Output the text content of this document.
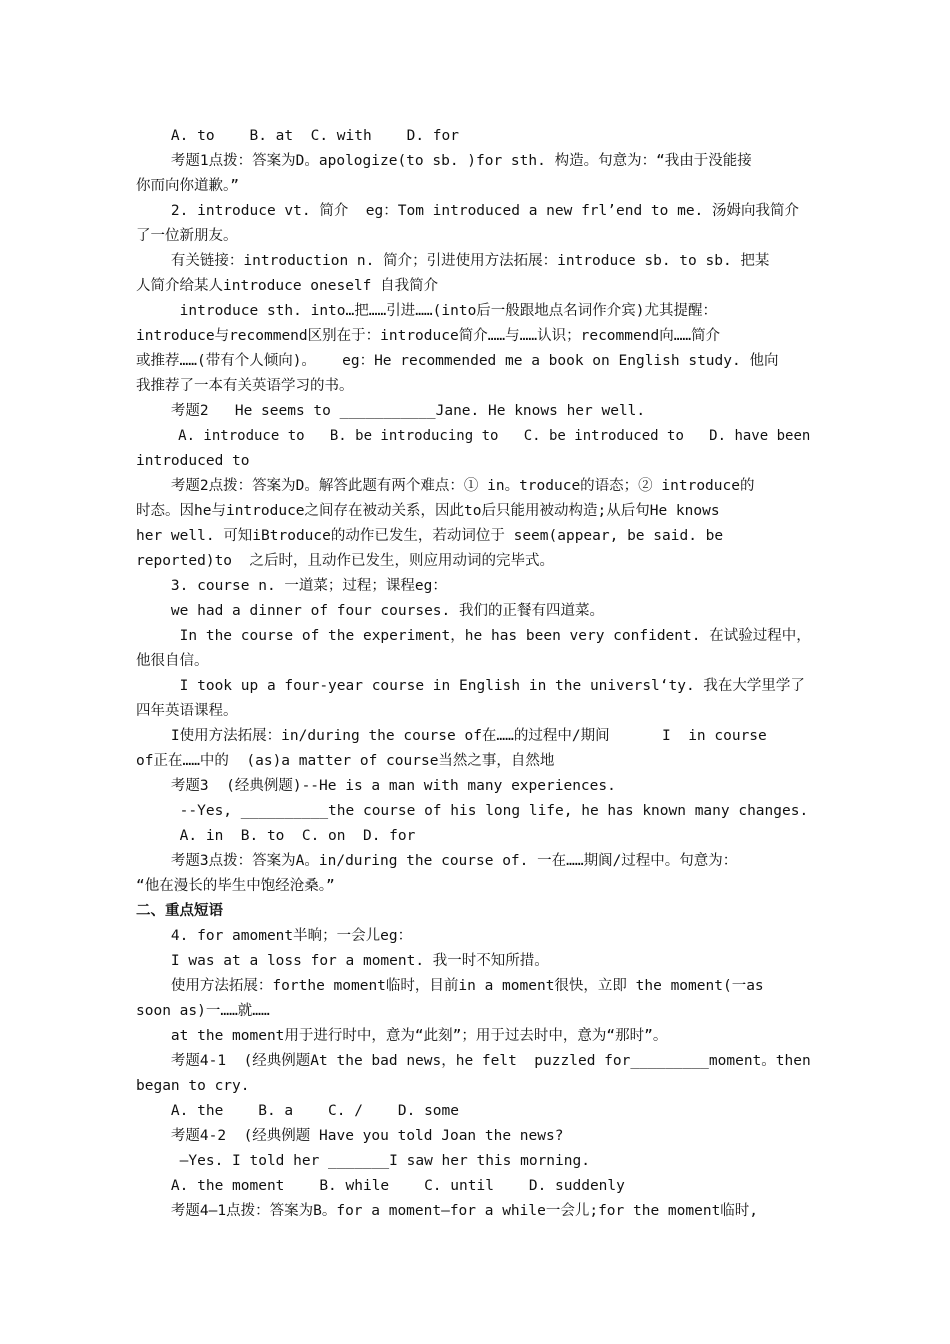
A. to    B. at  C. with    D. for
考题1点拨：答案为D。apologize(to sb. )for sth. 构造。句意为：“我由于没能接
你而向你道歉。”
2. introduce vt. 简介  eg：Tom introduced a new frl’end to me. 汤姆向我简介
了一位新朋友。
有关链接：introduction n. 简介；引进使用方法拓展：introduce sb. to sb. 把某
人简介给某人introduce oneself 自我简介
introduce sth. into…把……引进……(into后一般跟地点名词作介宾)尤其提醒：
introduce与recommend区别在于：introduce简介……与……认识；recommend向……简介
或推荐……(带有个人倾向)。   eg：He recommended me a book on English study. 他向
我推荐了一本有关英语学习的书。
考题2   He seems to ___________Jane. He knows her well.
A. introduce to   B. be introducing to   C. be introduced to   D. have been
introduced to
考题2点拨：答案为D。解答此题有两个难点：① in。troduce的语态；② introduce的
时态。因he与introduce之间存在被动关系，因此to后只能用被动构造;从后句He knows
her well. 可知iBtroduce的动作已发生，若动词位于 seem(appear, be said. be
reported)to  之后时，且动作已发生，则应用动词的完毕式。
3. course n. 一道菜；过程；课程eg：
we had a dinner of four courses. 我们的正餐有四道菜。
In the course of the experiment，he has been very confident. 在试验过程中，
他很自信。
I took up a four-year course in English in the universl‘ty. 我在大学里学了
四年英语课程。
I使用方法拓展：in/during the course of在……的过程中/期间      I  in course
of正在……中的  (as)a matter of course当然之事，自然地
考题3  (经典例题)--He is a man with many experiences.
--Yes, __________the course of his long life, he has known many changes.
A. in  B. to  C. on  D. for
考题3点拨：答案为A。in/during the course of. 一在……期阆/过程中。句意为：
“他在漫长的毕生中饱经沧桑。”
二、重点短语
4. for amoment半晌；一会儿eg：
I was at a loss for a moment. 我一时不知所措。
使用方法拓展：forthe moment临时，目前in a moment很快，立即 the moment(一as
soon as)一……就……
at the moment用于进行时中，意为“此刻”；用于过去时中，意为“那时”。
考题4-1  (经典例题At the bad news，he felt  puzzled for_________moment。then
began to cry.
A. the    B. a    C. /    D. some
考题4-2  (经典例题 Have you told Joan the news?
—Yes. I told her _______I saw her this morning.
A. the moment    B. while    C. until    D. suddenly
考题4—1点拨：答案为B。for a moment—for a while一会儿;for the moment临时,
